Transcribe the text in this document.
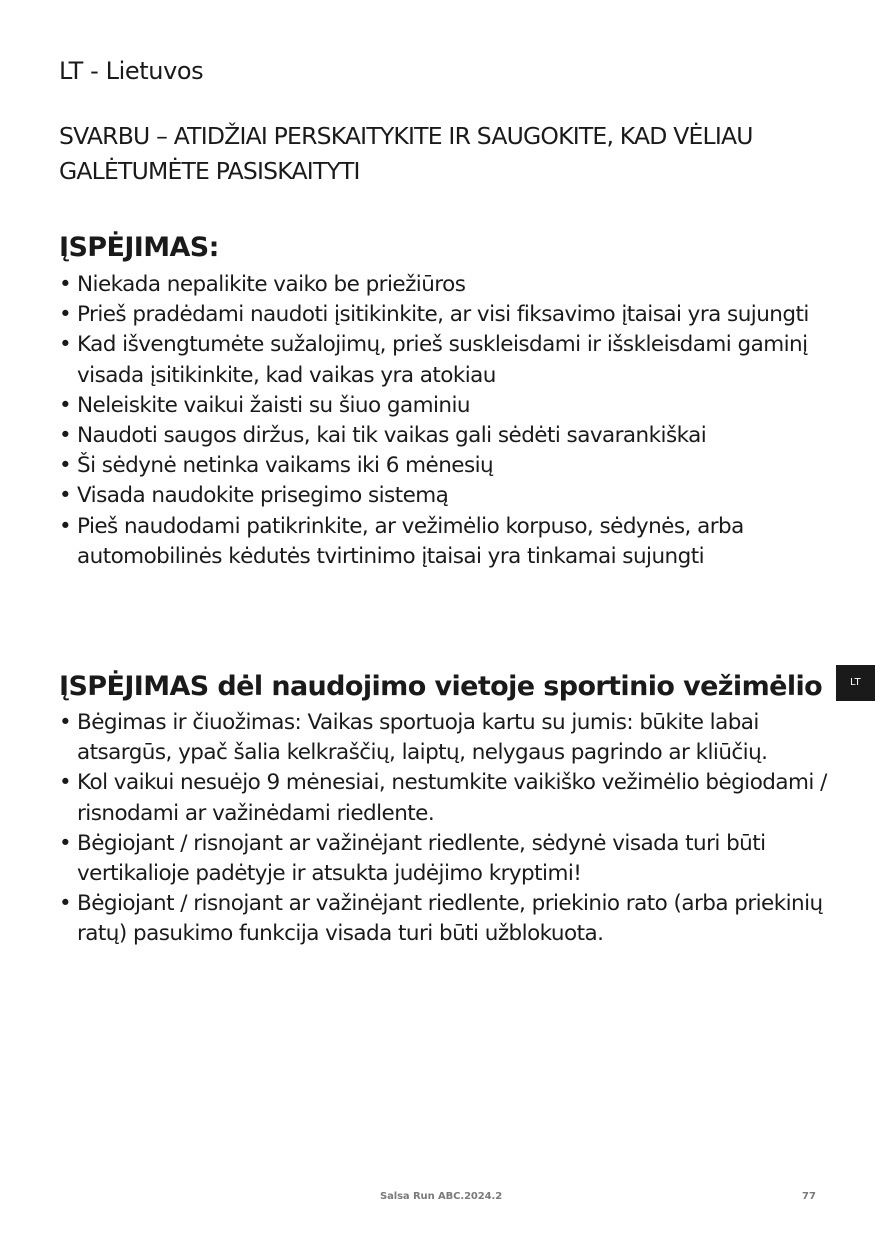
LT - Lietuvos
SVARBU – ATIDŽIAI PERSKAITYKITE IR SAUGOKITE, KAD VĖLIAU GALĖTUMĖTE PASISKAITYTI
ĮSPĖJIMAS:
• Niekada nepalikite vaiko be priežiūros
• Prieš pradėdami naudoti įsitikinkite, ar visi fiksavimo įtaisai yra sujungti
• Kad išvengtumėte sužalojimų, prieš suskleisdami ir išskleisdami gaminį visada įsitikinkite, kad vaikas yra atokiau
• Neleiskite vaikui žaisti su šiuo gaminiu
• Naudoti saugos diržus, kai tik vaikas gali sėdėti savarankiškai
• Ši sėdynė netinka vaikams iki 6 mėnesių
• Visada naudokite prisegimo sistemą
• Pieš naudodami patikrinkite, ar vežimėlio korpuso, sėdynės, arba automobilinės kėdutės tvirtinimo įtaisai yra tinkamai sujungti
LT
ĮSPĖJIMAS dėl naudojimo vietoje sportinio vežimėlio
• Bėgimas ir čiuožimas: Vaikas sportuoja kartu su jumis: būkite labai atsargūs, ypač šalia kelkraščių, laiptų, nelygaus pagrindo ar kliūčių.
• Kol vaikui nesuėjo 9 mėnesiai, nestumkite vaikiško vežimėlio bėgiodami / risnodami ar važinėdami riedlente.
• Bėgiojant / risnojant ar važinėjant riedlente, sėdynė visada turi būti vertikalioje padėtyje ir atsukta judėjimo kryptimi!
• Bėgiojant / risnojant ar važinėjant riedlente, priekinio rato (arba priekinių ratų) pasukimo funkcija visada turi būti užblokuota.
Salsa Run ABC.2024.2	77
